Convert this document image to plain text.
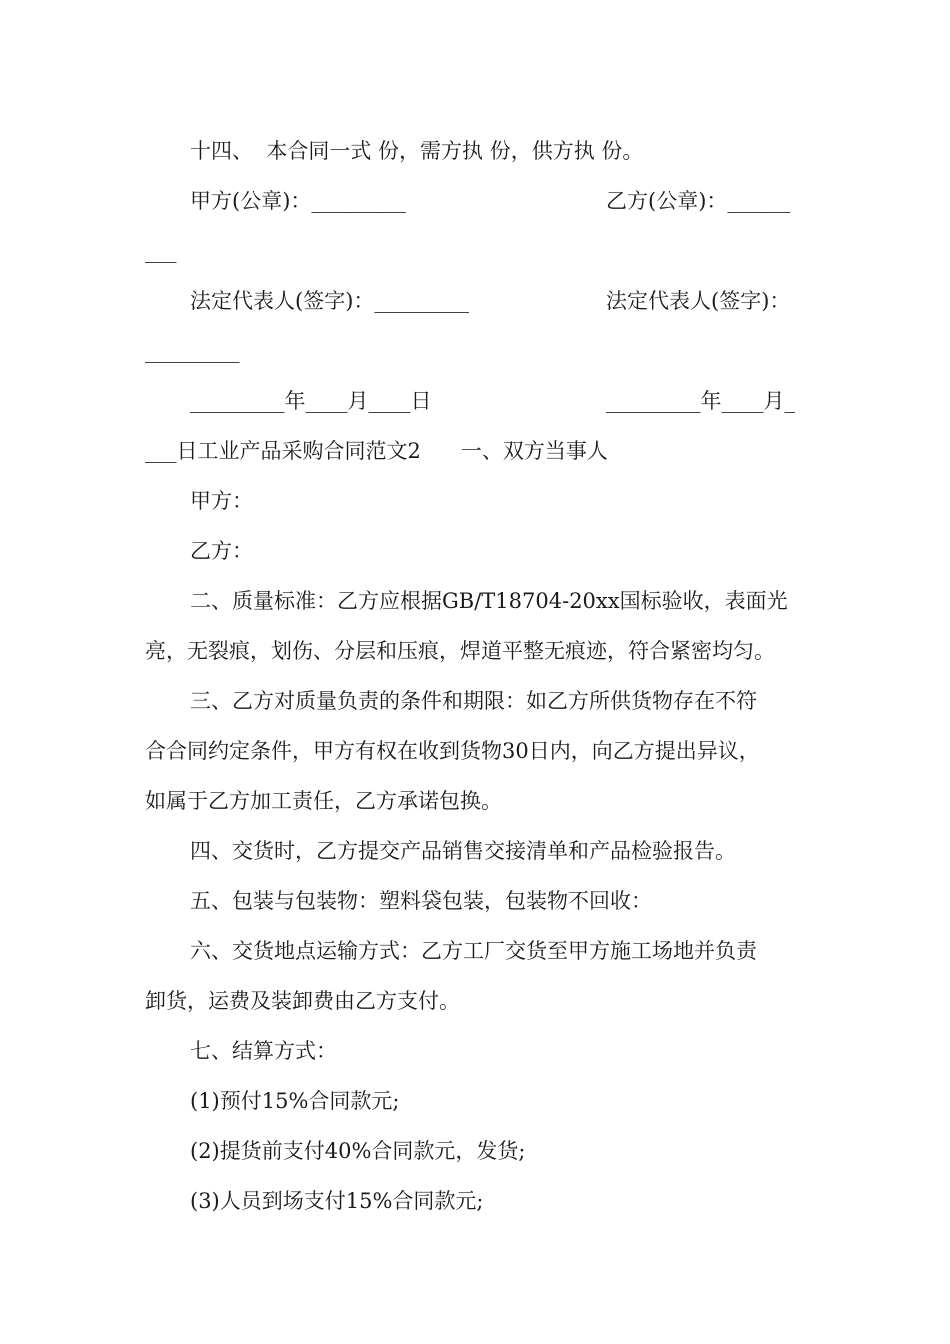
十四、  本合同一式 份，需方执 份，供方执 份。
甲方(公章)：_________	乙方(公章)：______
___
法定代表人(签字)：_________	法定代表人(签字)：
_________
_________年____月____日	_________年____月_
___日工业产品采购合同范文2      一、双方当事人
甲方：
乙方：
二、质量标准：乙方应根据GB/T18704-20xx国标验收，表面光
亮，无裂痕，划伤、分层和压痕，焊道平整无痕迹，符合紧密均匀。
三、乙方对质量负责的条件和期限：如乙方所供货物存在不符
合合同约定条件，甲方有权在收到货物30日内，向乙方提出异议，
如属于乙方加工责任，乙方承诺包换。
四、交货时，乙方提交产品销售交接清单和产品检验报告。
五、包装与包装物：塑料袋包装，包装物不回收：
六、交货地点运输方式：乙方工厂交货至甲方施工场地并负责
卸货，运费及装卸费由乙方支付。
七、结算方式：
(1)预付15%合同款元;
(2)提货前支付40%合同款元，发货;
(3)人员到场支付15%合同款元;
